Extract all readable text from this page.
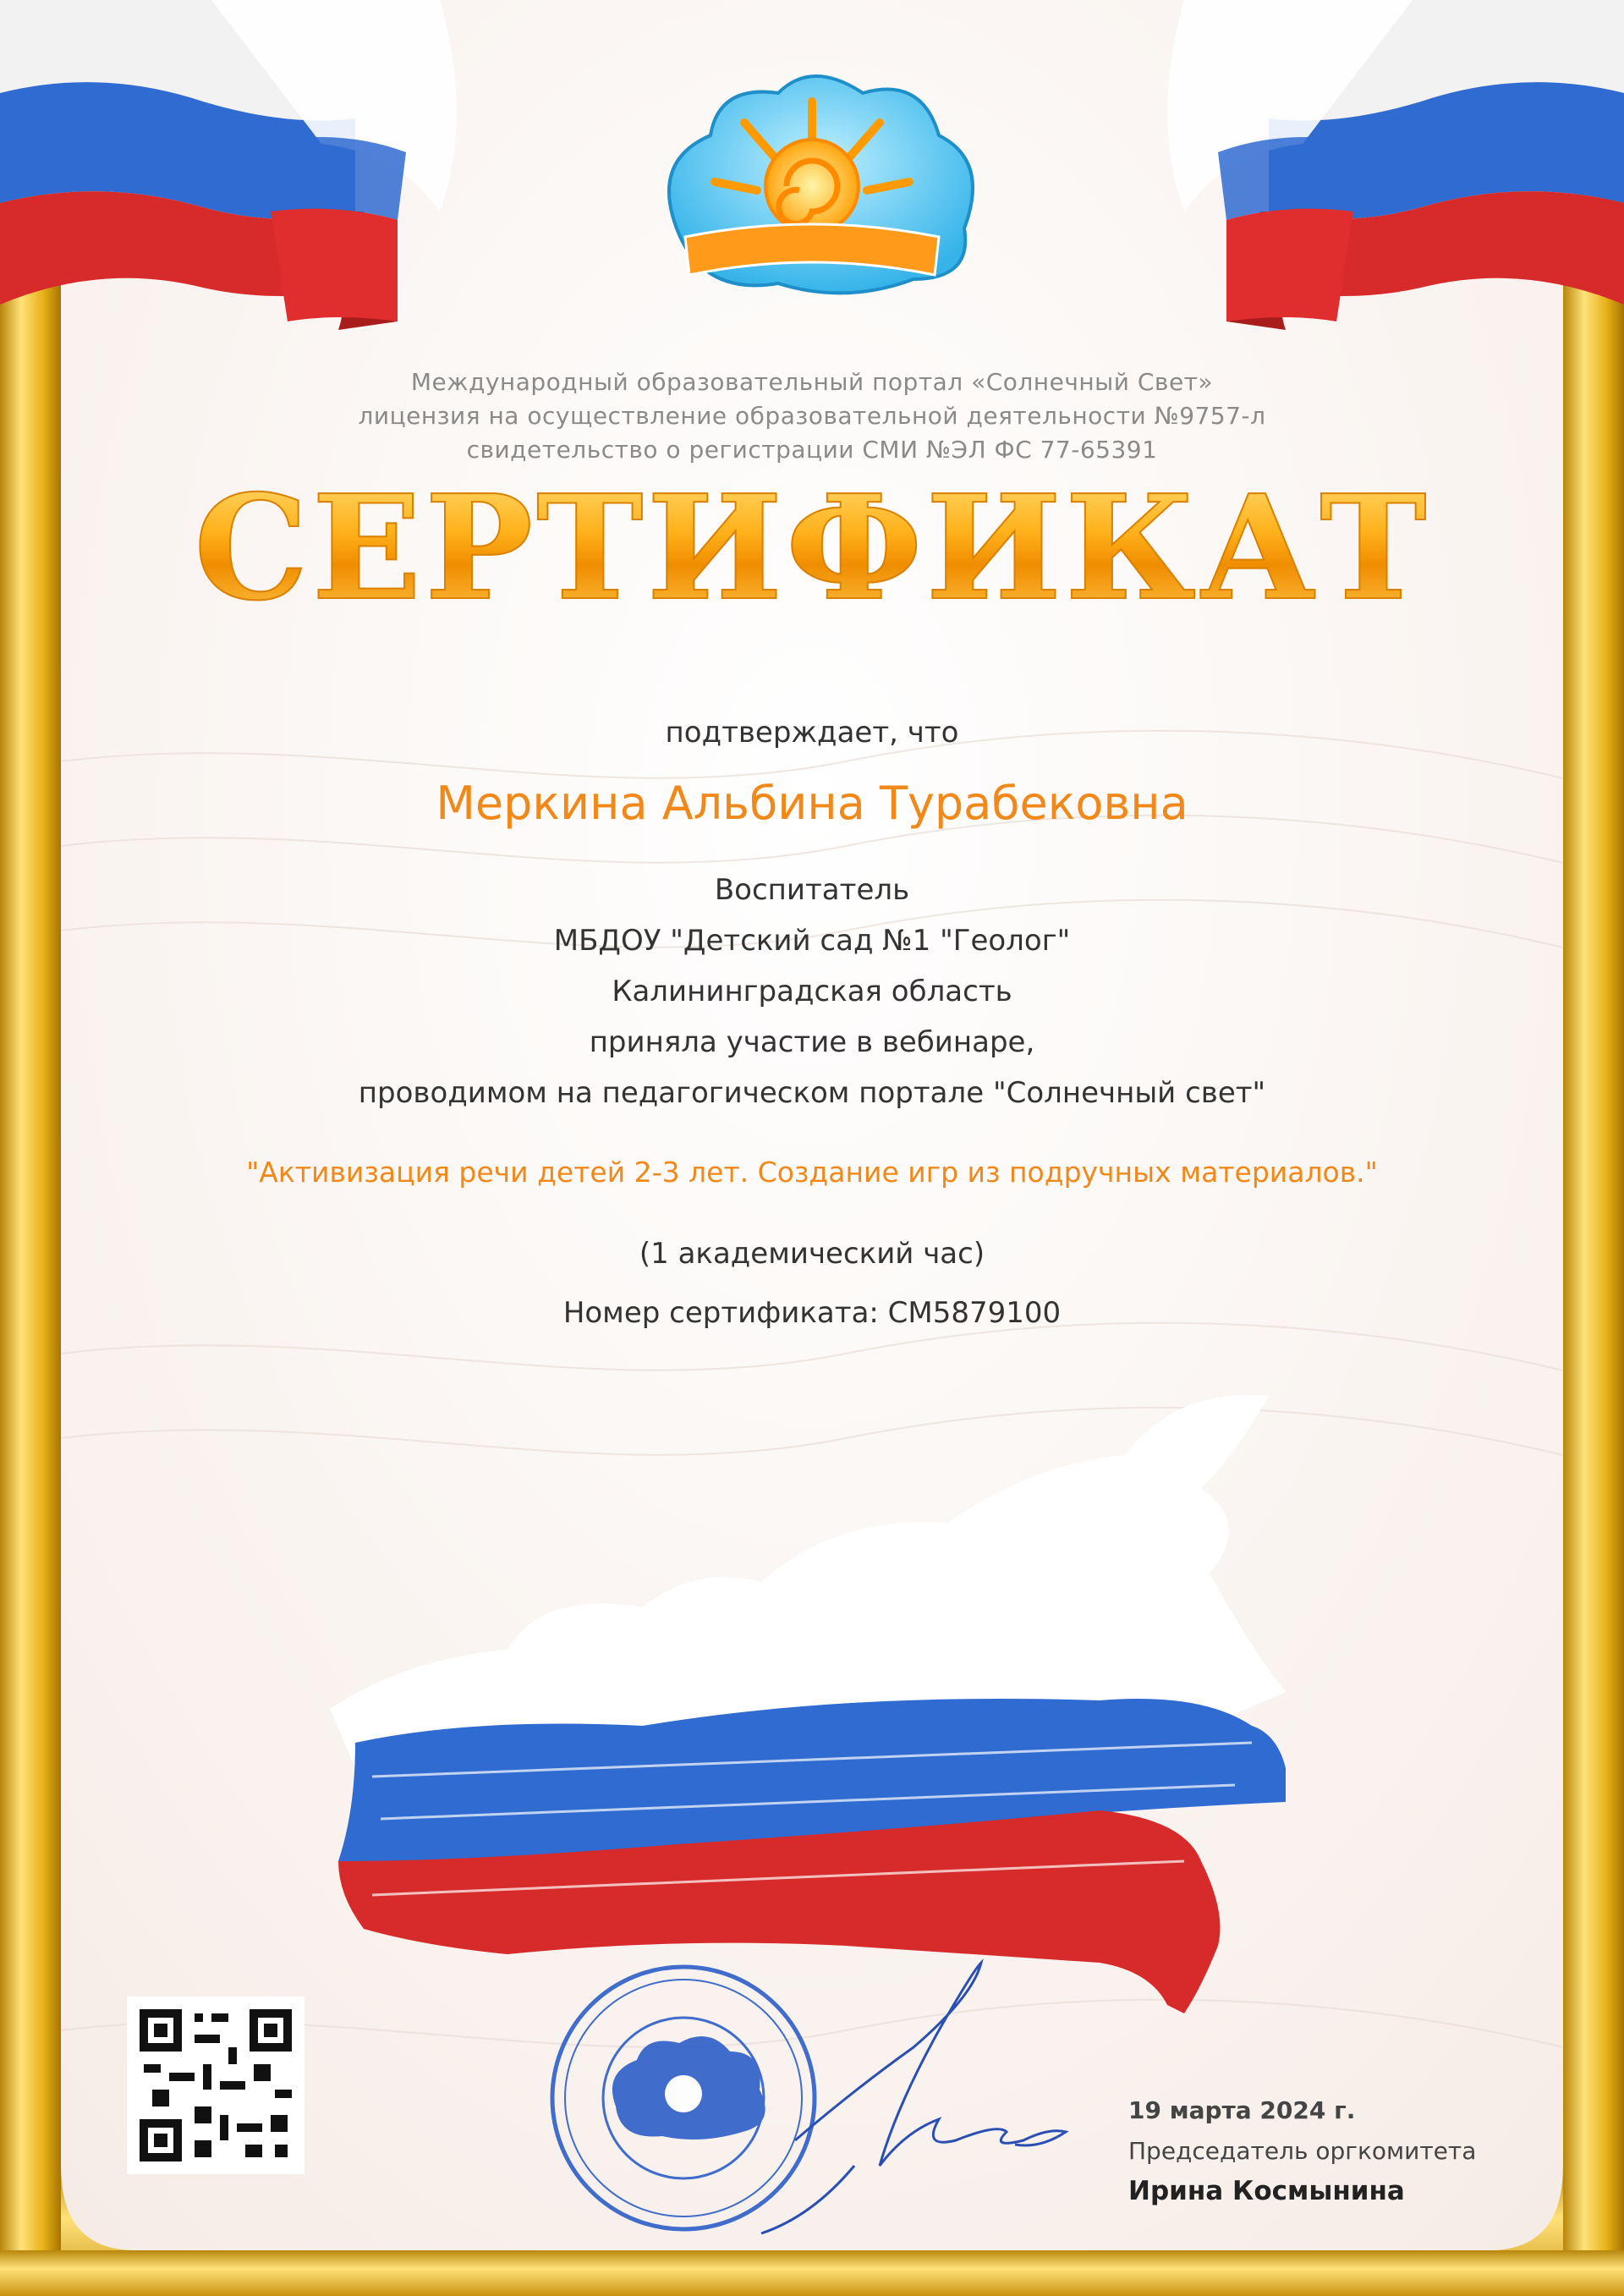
Международный образовательный портал «Солнечный Свет»
лицензия на осуществление образовательной деятельности №9757-л
свидетельство о регистрации СМИ №ЭЛ ФС 77-65391
СЕРТИФИКАТ
подтверждает, что
Меркина Альбина Турабековна
Воспитатель
МБДОУ "Детский сад №1 "Геолог"
Калининградская область
приняла участие в вебинаре,
проводимом на педагогическом портале "Солнечный свет"
"Активизация речи детей 2-3 лет. Создание игр из подручных материалов."
(1 академический час)
Номер сертификата: СМ5879100
19 марта 2024 г.
Председатель оргкомитета
Ирина Космынина
